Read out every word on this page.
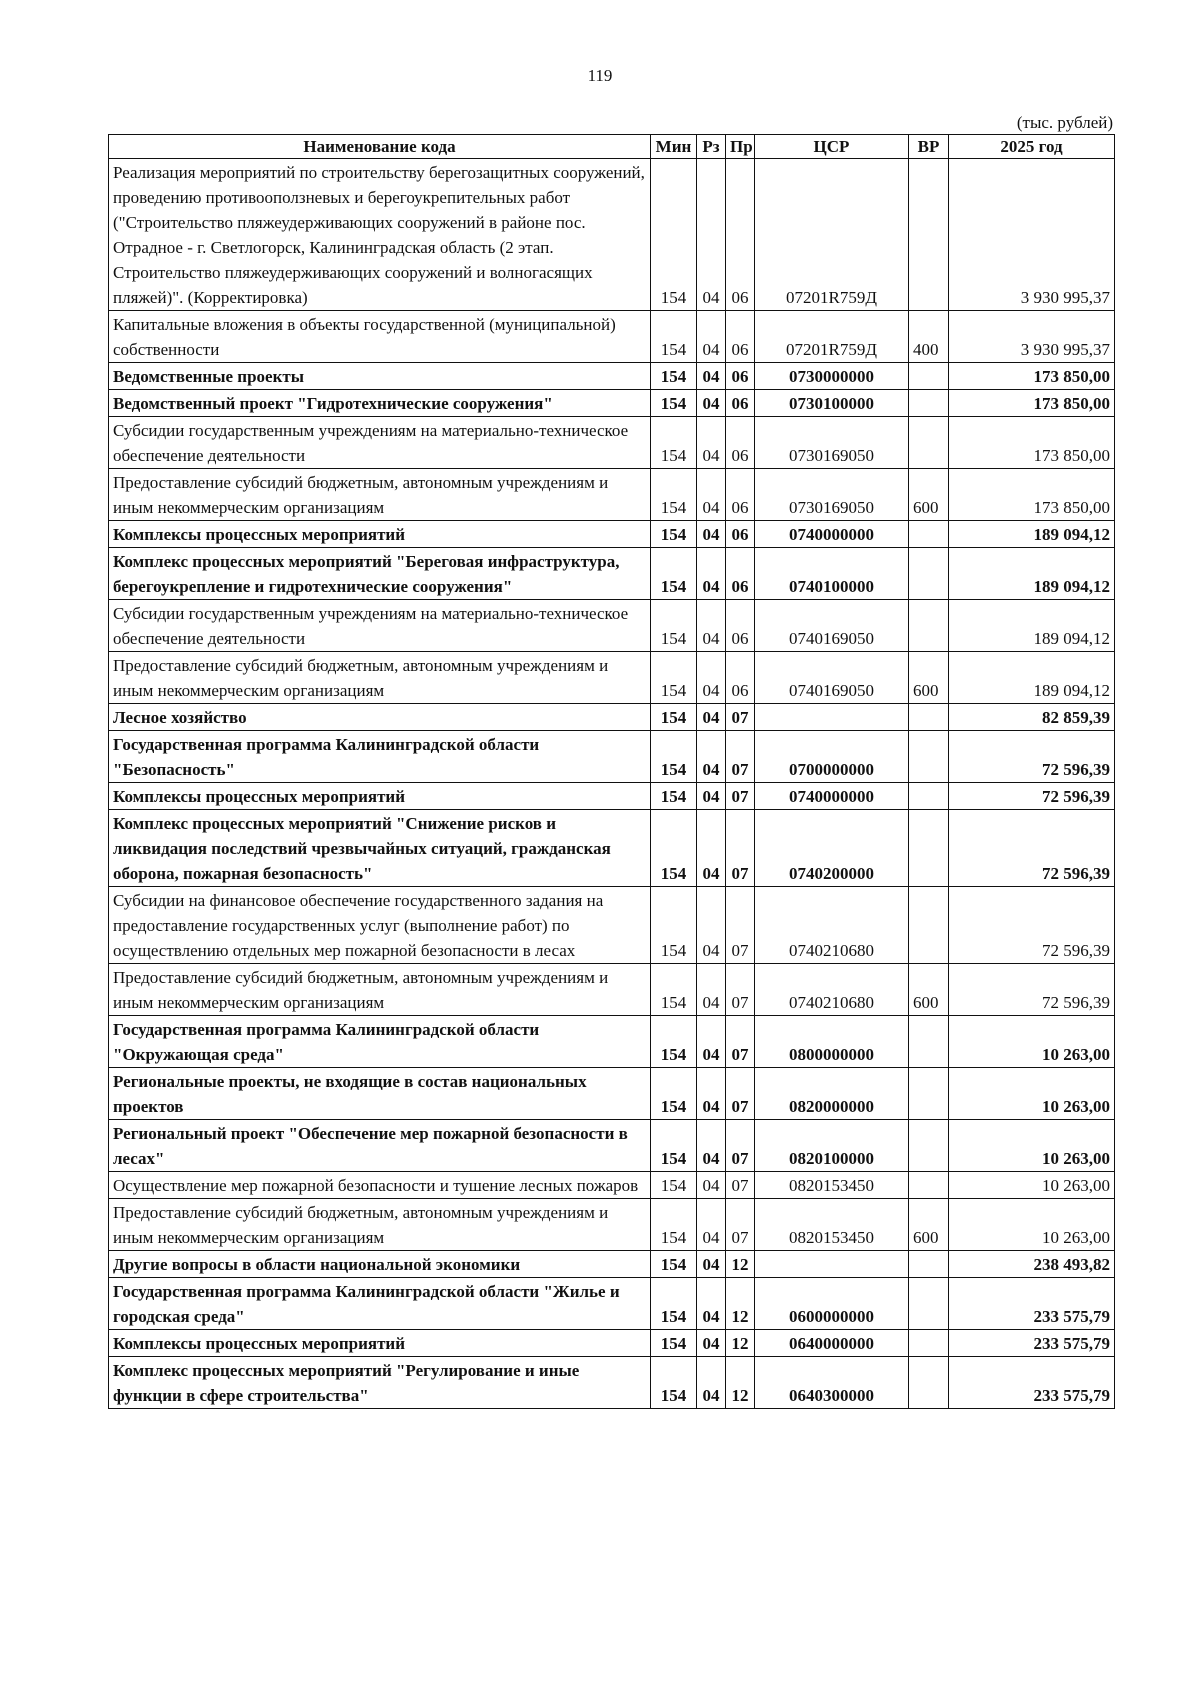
119
(тыс. рублей)
Наименование кода	Мин	Рз	Пр	ЦСР	ВР	2025 год
Реализация мероприятий по строительству берегозащитных сооружений, проведению противооползневых и берегоукрепительных работ ("Строительство пляжеудерживающих сооружений в районе пос. Отрадное - г. Светлогорск, Калининградская область (2 этап. Строительство пляжеудерживающих сооружений и волногасящих пляжей)". (Корректировка)	154	04	06	07201R759Д		3 930 995,37
Капитальные вложения в объекты государственной (муниципальной) собственности	154	04	06	07201R759Д	400	3 930 995,37
Ведомственные проекты	154	04	06	0730000000		173 850,00
Ведомственный проект "Гидротехнические сооружения"	154	04	06	0730100000		173 850,00
Субсидии государственным учреждениям на материально-техническое обеспечение деятельности	154	04	06	0730169050		173 850,00
Предоставление субсидий бюджетным, автономным учреждениям и иным некоммерческим организациям	154	04	06	0730169050	600	173 850,00
Комплексы процессных мероприятий	154	04	06	0740000000		189 094,12
Комплекс процессных мероприятий "Береговая инфраструктура, берегоукрепление и гидротехнические сооружения"	154	04	06	0740100000		189 094,12
Субсидии государственным учреждениям на материально-техническое обеспечение деятельности	154	04	06	0740169050		189 094,12
Предоставление субсидий бюджетным, автономным учреждениям и иным некоммерческим организациям	154	04	06	0740169050	600	189 094,12
Лесное хозяйство	154	04	07			82 859,39
Государственная программа Калининградской области "Безопасность"	154	04	07	0700000000		72 596,39
Комплексы процессных мероприятий	154	04	07	0740000000		72 596,39
Комплекс процессных мероприятий "Снижение рисков и ликвидация последствий чрезвычайных ситуаций, гражданская оборона, пожарная безопасность"	154	04	07	0740200000		72 596,39
Субсидии на финансовое обеспечение государственного задания на предоставление государственных услуг (выполнение работ) по осуществлению отдельных мер пожарной безопасности в лесах	154	04	07	0740210680		72 596,39
Предоставление субсидий бюджетным, автономным учреждениям и иным некоммерческим организациям	154	04	07	0740210680	600	72 596,39
Государственная программа Калининградской области "Окружающая среда"	154	04	07	0800000000		10 263,00
Региональные проекты, не входящие в состав национальных проектов	154	04	07	0820000000		10 263,00
Региональный проект "Обеспечение мер пожарной безопасности в лесах"	154	04	07	0820100000		10 263,00
Осуществление мер пожарной безопасности и тушение лесных пожаров	154	04	07	0820153450		10 263,00
Предоставление субсидий бюджетным, автономным учреждениям и иным некоммерческим организациям	154	04	07	0820153450	600	10 263,00
Другие вопросы в области национальной экономики	154	04	12			238 493,82
Государственная программа Калининградской области "Жилье и городская среда"	154	04	12	0600000000		233 575,79
Комплексы процессных мероприятий	154	04	12	0640000000		233 575,79
Комплекс процессных мероприятий "Регулирование и иные функции в сфере строительства"	154	04	12	0640300000		233 575,79
